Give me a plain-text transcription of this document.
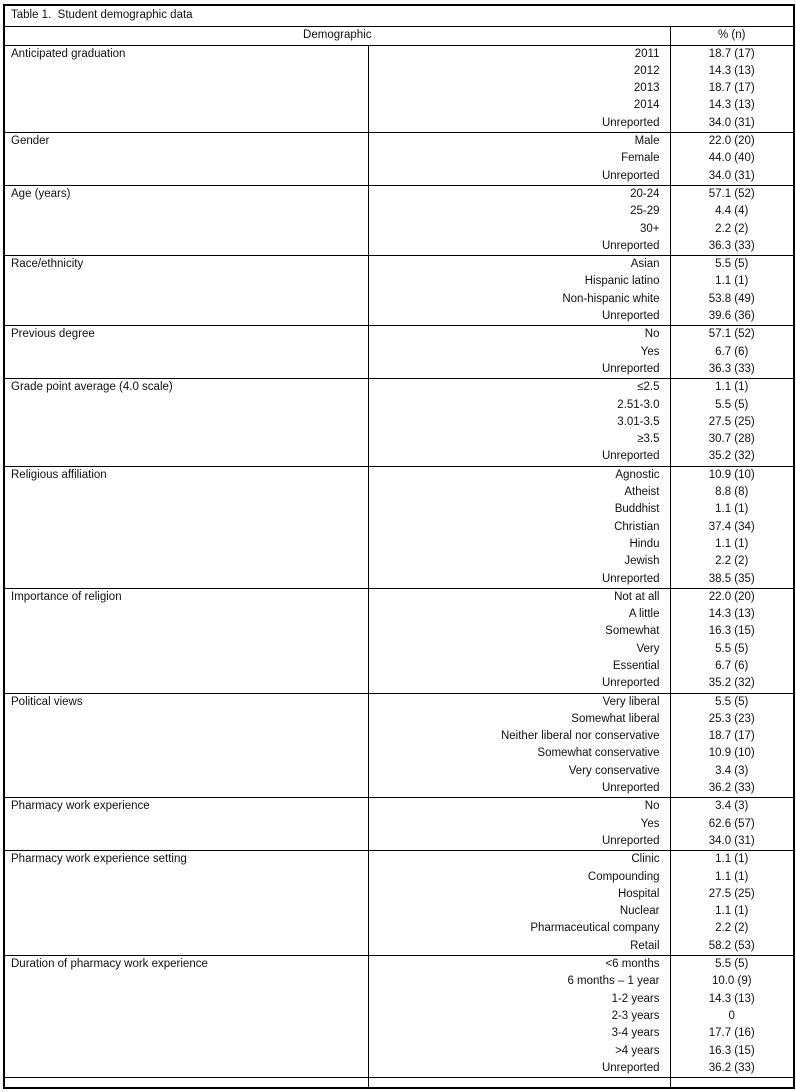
Table 1.  Student demographic data		
Demographic		% (n)
Anticipated graduation	2011	18.7 (17)
	2012	14.3 (13)
	2013	18.7 (17)
	2014	14.3 (13)
	Unreported	34.0 (31)
Gender	Male	22.0 (20)
	Female	44.0 (40)
	Unreported	34.0 (31)
Age (years)	20-24	57.1 (52)
	25-29	4.4 (4)
	30+	2.2 (2)
	Unreported	36.3 (33)
Race/ethnicity	Asian	5.5 (5)
	Hispanic latino	1.1 (1)
	Non-hispanic white	53.8 (49)
	Unreported	39.6 (36)
Previous degree	No	57.1 (52)
	Yes	6.7 (6)
	Unreported	36.3 (33)
Grade point average (4.0 scale)	≤2.5	1.1 (1)
	2.51-3.0	5.5 (5)
	3.01-3.5	27.5 (25)
	≥3.5	30.7 (28)
	Unreported	35.2 (32)
Religious affiliation	Agnostic	10.9 (10)
	Atheist	8.8 (8)
	Buddhist	1.1 (1)
	Christian	37.4 (34)
	Hindu	1.1 (1)
	Jewish	2.2 (2)
	Unreported	38.5 (35)
Importance of religion	Not at all	22.0 (20)
	A little	14.3 (13)
	Somewhat	16.3 (15)
	Very	5.5 (5)
	Essential	6.7 (6)
	Unreported	35.2 (32)
Political views	Very liberal	5.5 (5)
	Somewhat liberal	25.3 (23)
	Neither liberal nor conservative	18.7 (17)
	Somewhat conservative	10.9 (10)
	Very conservative	3.4 (3)
	Unreported	36.2 (33)
Pharmacy work experience	No	3.4 (3)
	Yes	62.6 (57)
	Unreported	34.0 (31)
Pharmacy work experience setting	Clinic	1.1 (1)
	Compounding	1.1 (1)
	Hospital	27.5 (25)
	Nuclear	1.1 (1)
	Pharmaceutical company	2.2 (2)
	Retail	58.2 (53)
Duration of pharmacy work experience	<6 months	5.5 (5)
	6 months – 1 year	10.0 (9)
	1-2 years	14.3 (13)
	2-3 years	0
	3-4 years	17.7 (16)
	>4 years	16.3 (15)
	Unreported	36.2 (33)
